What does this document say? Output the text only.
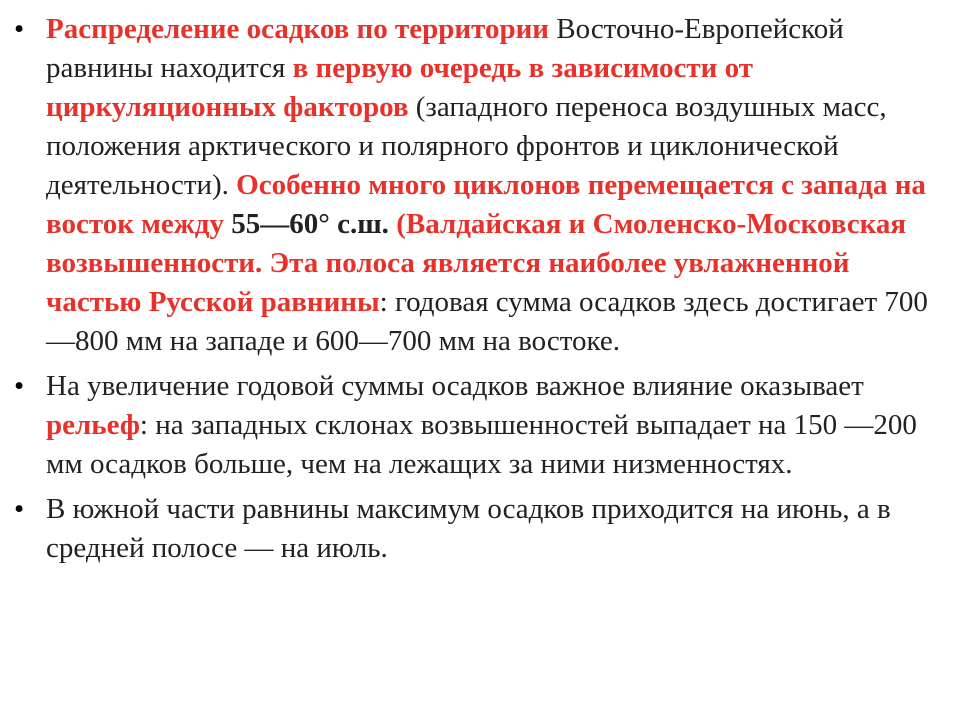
• Распределение осадков по территории Восточно-Европейской равнины находится в первую очередь в зависимости от циркуляционных факторов (западного переноса воздушных масс, положения арктического и полярного фронтов и циклонической деятельности). Особенно много циклонов перемещается с запада на восток между 55—60° с.ш. (Валдайская и Смоленско-Московская возвышенности. Эта полоса является наиболее увлажненной частью Русской равнины: годовая сумма осадков здесь достигает 700—800 мм на западе и 600—700 мм на востоке.
• На увеличение годовой суммы осадков важное влияние оказывает рельеф: на западных склонах возвышенностей выпадает на 150 —200 мм осадков больше, чем на лежащих за ними низменностях.
• В южной части равнины максимум осадков приходится на июнь, а в средней полосе — на июль.
